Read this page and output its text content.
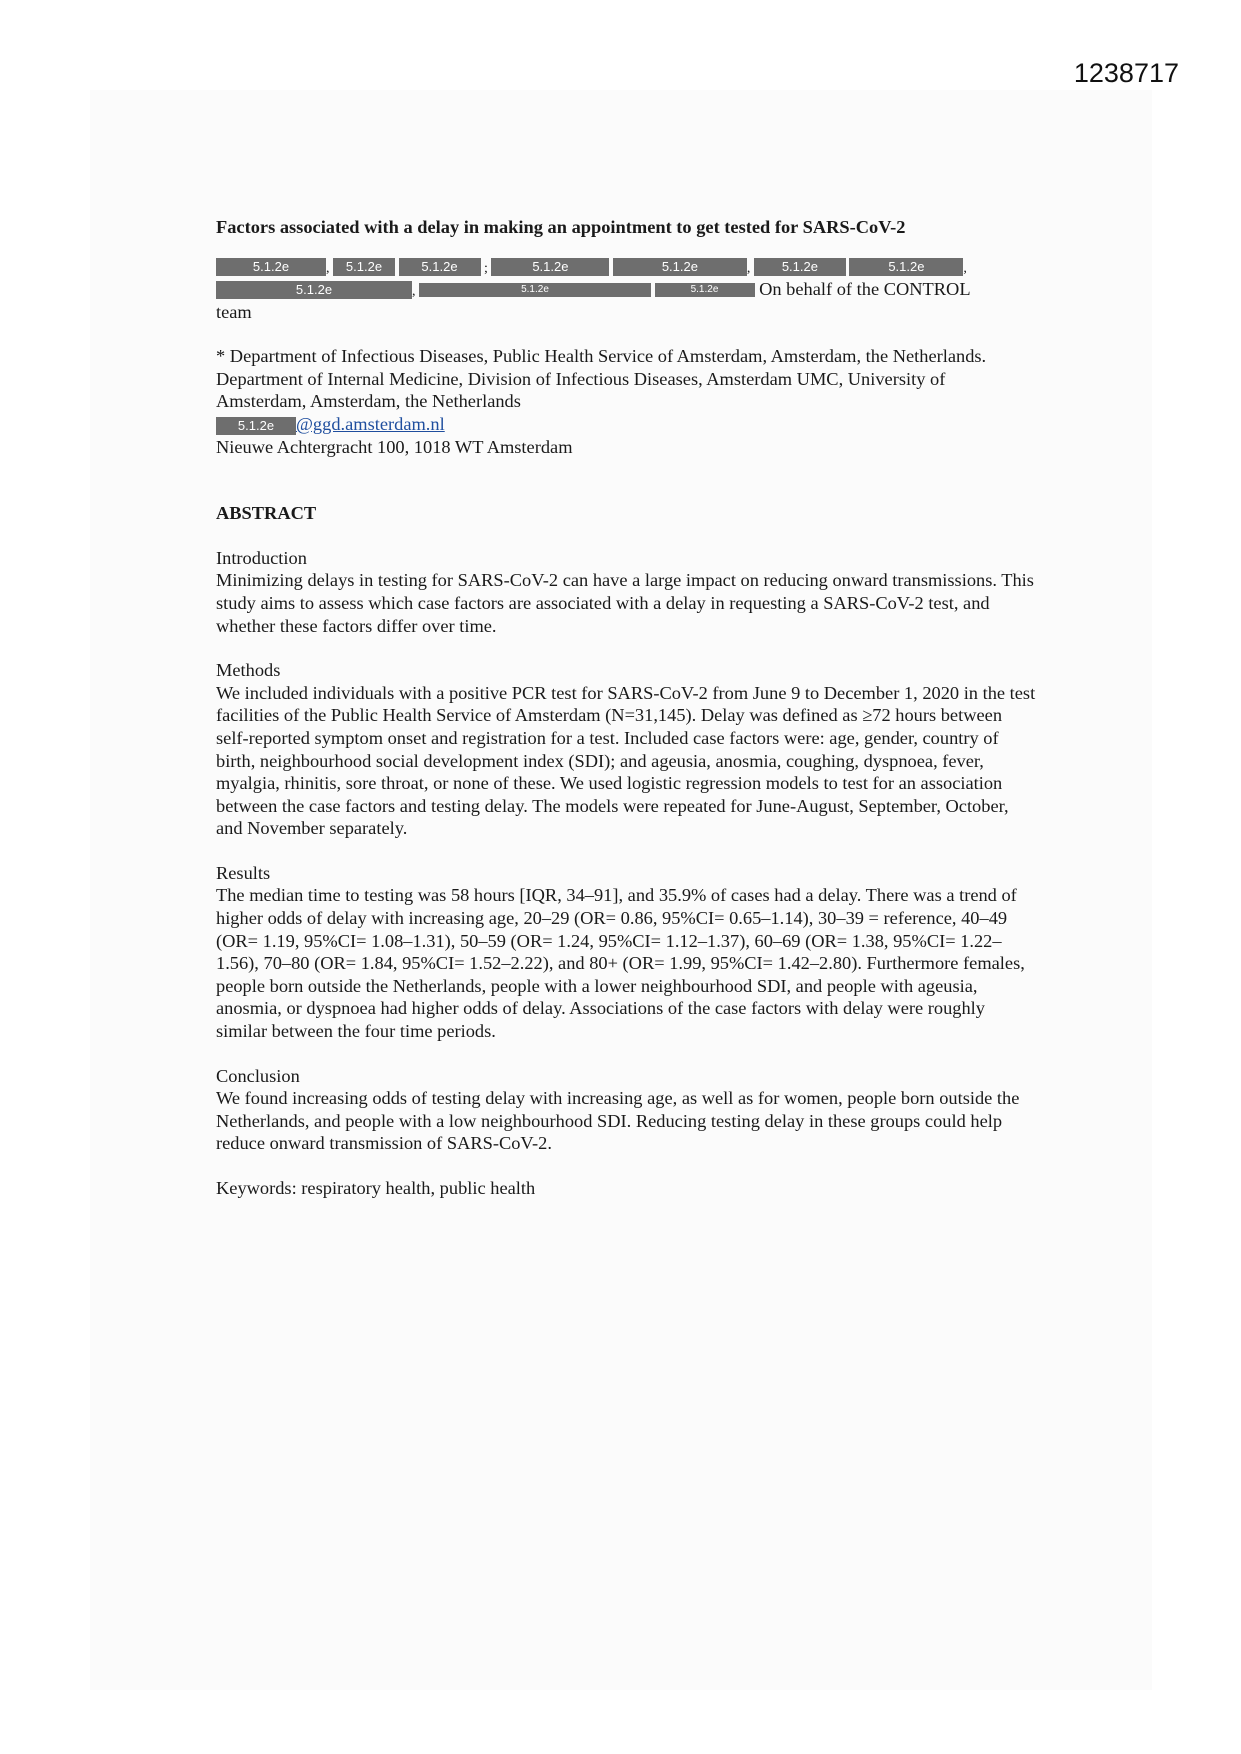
1238717

Factors associated with a delay in making an appointment to get tested for SARS-CoV-2

5.1.2e	, 5.1.2e	5.1.2e ;	5.1.2e	5.1.2e	, 5.1.2e	5.1.2e	,
5.1.2e	,	5.1.2e	5.1.2e On behalf of the CONTROL
team

* Department of Infectious Diseases, Public Health Service of Amsterdam, Amsterdam, the Netherlands.

Department of Internal Medicine, Division of Infectious Diseases, Amsterdam UMC, University of Amsterdam, Amsterdam, the Netherlands

5.1.2e @ggd.amsterdam.nl

Nieuwe Achtergracht 100, 1018 WT Amsterdam

ABSTRACT

Introduction

Minimizing delays in testing for SARS-CoV-2 can have a large impact on reducing onward transmissions. This study aims to assess which case factors are associated with a delay in requesting a SARS-CoV-2 test, and whether these factors differ over time.

Methods

We included individuals with a positive PCR test for SARS-CoV-2 from June 9 to December 1, 2020 in the test facilities of the Public Health Service of Amsterdam (N=31,145). Delay was defined as ≥72 hours between self-reported symptom onset and registration for a test. Included case factors were: age, gender, country of birth, neighbourhood social development index (SDI); and ageusia, anosmia, coughing, dyspnoea, fever, myalgia, rhinitis, sore throat, or none of these. We used logistic regression models to test for an association between the case factors and testing delay. The models were repeated for June-August, September, October, and November separately.

Results

The median time to testing was 58 hours [IQR, 34–91], and 35.9% of cases had a delay. There was a trend of higher odds of delay with increasing age, 20–29 (OR= 0.86, 95%CI= 0.65–1.14), 30–39 = reference, 40–49 (OR= 1.19, 95%CI= 1.08–1.31), 50–59 (OR= 1.24, 95%CI= 1.12–1.37), 60–69 (OR= 1.38, 95%CI= 1.22–1.56), 70–80 (OR= 1.84, 95%CI= 1.52–2.22), and 80+ (OR= 1.99, 95%CI= 1.42–2.80). Furthermore females, people born outside the Netherlands, people with a lower neighbourhood SDI, and people with ageusia, anosmia, or dyspnoea had higher odds of delay. Associations of the case factors with delay were roughly similar between the four time periods.

Conclusion

We found increasing odds of testing delay with increasing age, as well as for women, people born outside the Netherlands, and people with a low neighbourhood SDI. Reducing testing delay in these groups could help reduce onward transmission of SARS-CoV-2.

Keywords: respiratory health, public health
